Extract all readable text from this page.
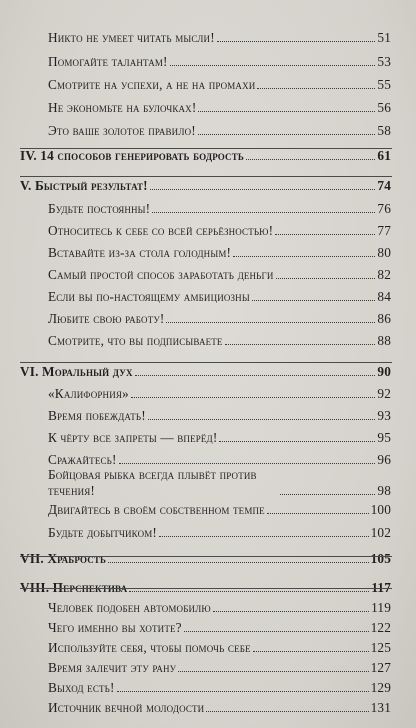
Никто не умеет читать мысли!	51
Помогайте талантам!	53
Смотрите на успехи, а не на промахи	55
Не экономьте на булочках!	56
Это ваше золотое правило!	58
IV. 14 способов генерировать бодрость	61
V. Быстрый результат!	74
Будьте постоянны!	76
Относитесь к себе со всей серьёзностью!	77
Вставайте из-за стола голодным!	80
Самый простой способ заработать деньги	82
Если вы по-настоящему амбициозны	84
Любите свою работу!	86
Смотрите, что вы подписываете	88
VI. Моральный дух	90
«Калифорния»	92
Время побеждать!	93
К чёрту все запреты — вперёд!	95
Сражайтесь!	96
Бойцовая рыбка всегда плывёт против течения!	98
Двигайтесь в своём собственном темпе	100
Будьте добытчиком!	102
VII. Храбрость	105
VIII. Перспектива	117
Человек подобен автомобилю	119
Чего именно вы хотите?	122
Используйте себя, чтобы помочь себе	125
Время залечит эту рану	127
Выход есть!	129
Источник вечной молодости	131
